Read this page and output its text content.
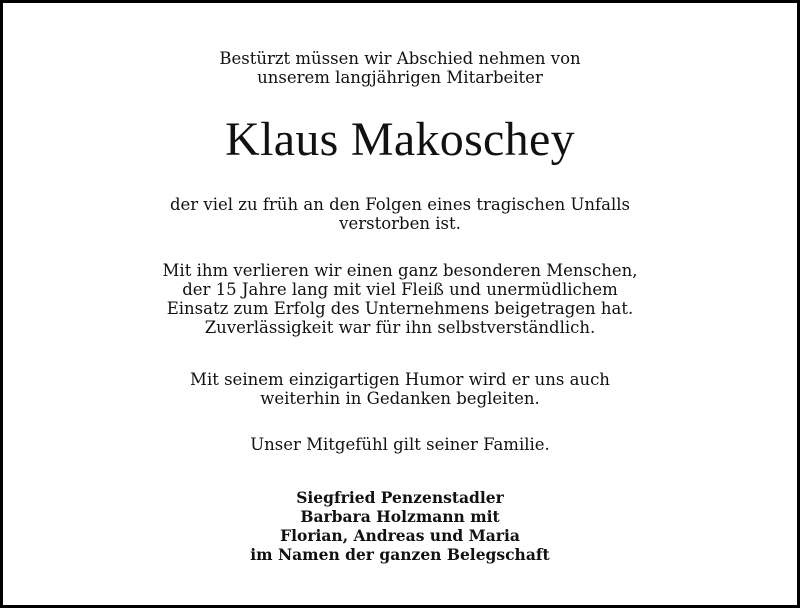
Bestürzt müssen wir Abschied nehmen von
unserem langjährigen Mitarbeiter

Klaus Makoschey

der viel zu früh an den Folgen eines tragischen Unfalls
verstorben ist.

Mit ihm verlieren wir einen ganz besonderen Menschen,
der 15 Jahre lang mit viel Fleiß und unermüdlichem
Einsatz zum Erfolg des Unternehmens beigetragen hat.
Zuverlässigkeit war für ihn selbstverständlich.

Mit seinem einzigartigen Humor wird er uns auch
weiterhin in Gedanken begleiten.

Unser Mitgefühl gilt seiner Familie.

Siegfried Penzenstadler
Barbara Holzmann mit
Florian, Andreas und Maria
im Namen der ganzen Belegschaft
